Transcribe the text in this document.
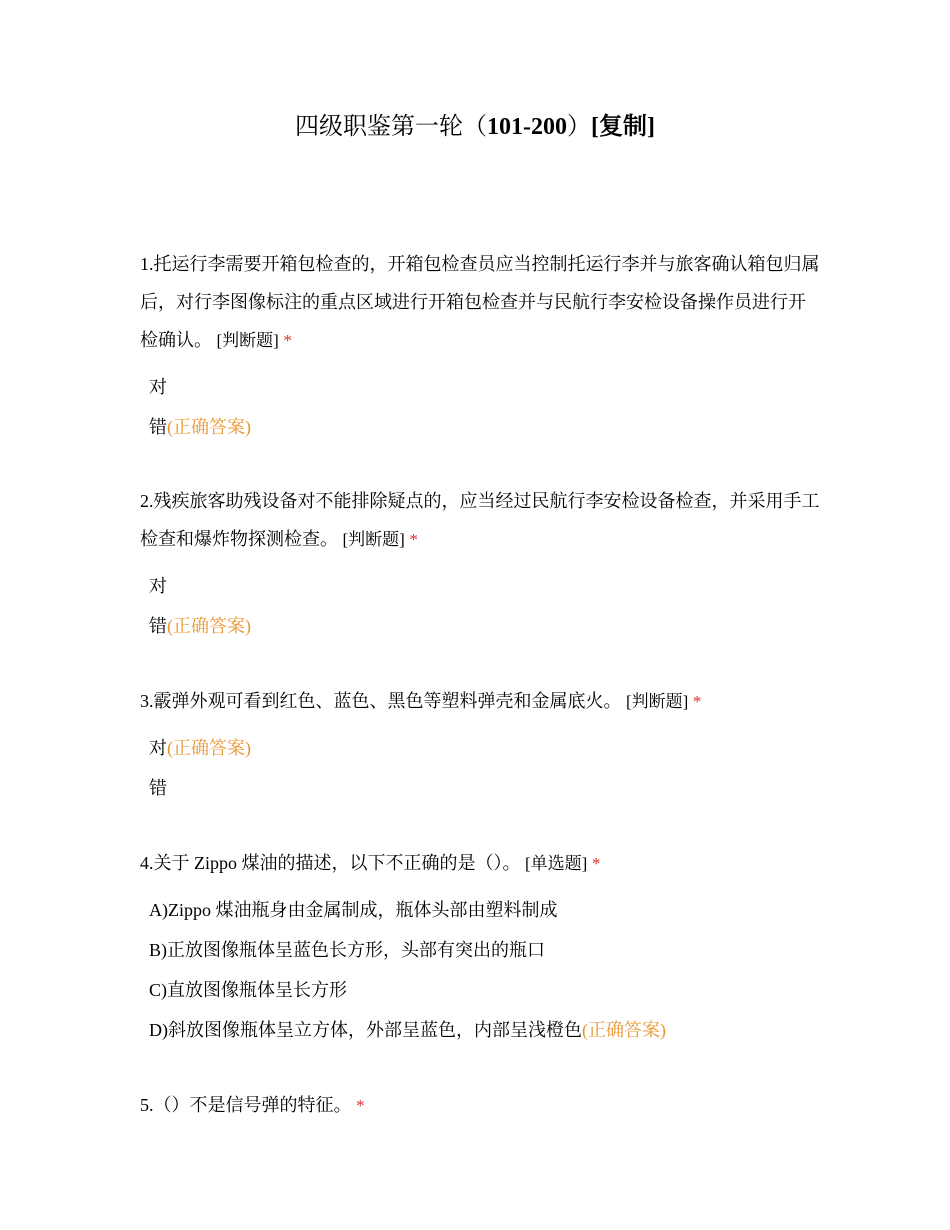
四级职鉴第一轮（101-200）[复制]

1.托运行李需要开箱包检查的，开箱包检查员应当控制托运行李并与旅客确认箱包归属后，对行李图像标注的重点区域进行开箱包检查并与民航行李安检设备操作员进行开检确认。 [判断题] *

对
错(正确答案)

2.残疾旅客助残设备对不能排除疑点的，应当经过民航行李安检设备检查，并采用手工检查和爆炸物探测检查。 [判断题] *

对
错(正确答案)

3.霰弹外观可看到红色、蓝色、黑色等塑料弹壳和金属底火。 [判断题] *

对(正确答案)
错

4.关于 Zippo 煤油的描述，以下不正确的是（）。 [单选题] *

A)Zippo 煤油瓶身由金属制成，瓶体头部由塑料制成
B)正放图像瓶体呈蓝色长方形，头部有突出的瓶口
C)直放图像瓶体呈长方形
D)斜放图像瓶体呈立方体，外部呈蓝色，内部呈浅橙色(正确答案)

5.（）不是信号弹的特征。 *
